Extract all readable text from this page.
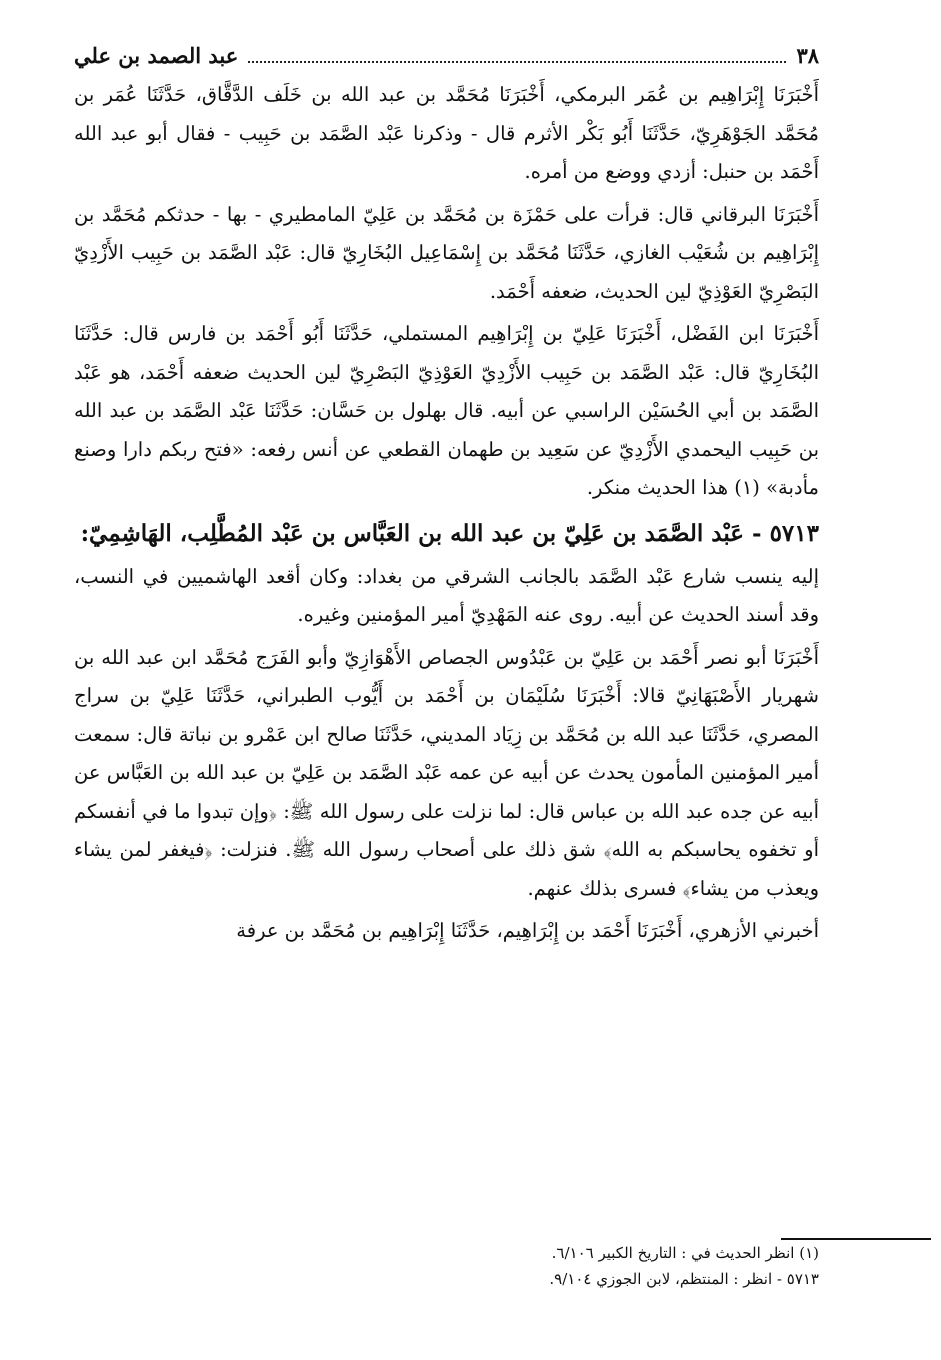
٣٨
عبد الصمد بن علي

أَخْبَرَنَا إِبْرَاهِيم بن عُمَر البرمكي، أَخْبَرَنَا مُحَمَّد بن عبد الله بن خَلَف الدَّقَّاق، حَدَّثَنَا عُمَر بن مُحَمَّد الجَوْهَرِيّ، حَدَّثَنَا أَبُو بَكْر الأثرم قال - وذكرنا عَبْد الصَّمَد بن حَبِيب - فقال أبو عبد الله أَحْمَد بن حنبل: أزدي ووضع من أمره.

أَخْبَرَنَا البرقاني قال: قرأت على حَمْزَة بن مُحَمَّد بن عَلِيّ المامطيري - بها - حدثكم مُحَمَّد بن إِبْرَاهِيم بن شُعَيْب الغازي، حَدَّثَنَا مُحَمَّد بن إِسْمَاعِيل البُخَارِيّ قال: عَبْد الصَّمَد بن حَبِيب الأَزْدِيّ البَصْرِيّ العَوْذِيّ لين الحديث، ضعفه أَحْمَد.

أَخْبَرَنَا ابن الفَضْل، أَخْبَرَنَا عَلِيّ بن إِبْرَاهِيم المستملي، حَدَّثَنَا أَبُو أَحْمَد بن فارس قال: حَدَّثَنَا البُخَارِيّ قال: عَبْد الصَّمَد بن حَبِيب الأَزْدِيّ العَوْذِيّ البَصْرِيّ لين الحديث ضعفه أَحْمَد، هو عَبْد الصَّمَد بن أبي الحُسَيْن الراسبي عن أبيه. قال بهلول بن حَسَّان: حَدَّثَنَا عَبْد الصَّمَد بن عبد الله بن حَبِيب اليحمدي الأَزْدِيّ عن سَعِيد بن طهمان القطعي عن أنس رفعه: «فتح ربكم دارا وصنع مأدبة» (١) هذا الحديث منكر.

٥٧١٣ -عَبْد الصَّمَد بن عَلِيّ بن عبد الله بن العَبَّاس بن عَبْد المُطَّلِب، الهَاشِمِيّ:

إليه ينسب شارع عَبْد الصَّمَد بالجانب الشرقي من بغداد: وكان أقعد الهاشميين في النسب، وقد أسند الحديث عن أبيه. روى عنه المَهْدِيّ أمير المؤمنين وغيره.

أَخْبَرَنَا أبو نصر أَحْمَد بن عَلِيّ بن عَبْدُوس الجصاص الأَهْوَازِيّ وأبو الفَرَج مُحَمَّد ابن عبد الله بن شهريار الأَصْبَهَانِيّ قالا: أَخْبَرَنَا سُلَيْمَان بن أَحْمَد بن أَيُّوب الطبراني، حَدَّثَنَا عَلِيّ بن سراج المصري، حَدَّثَنَا عبد الله بن مُحَمَّد بن زِيَاد المديني، حَدَّثَنَا صالح ابن عَمْرو بن نباتة قال: سمعت أمير المؤمنين المأمون يحدث عن أبيه عن عمه عَبْد الصَّمَد بن عَلِيّ بن عبد الله بن العَبَّاس عن أبيه عن جده عبد الله بن عباس قال: لما نزلت على رسول الله ﷺ: ﴿وإن تبدوا ما في أنفسكم أو تخفوه يحاسبكم به الله﴾ شق ذلك على أصحاب رسول الله ﷺ. فنزلت: ﴿فيغفر لمن يشاء ويعذب من يشاء﴾ فسرى بذلك عنهم.

أخبرني الأزهري، أَخْبَرَنَا أَحْمَد بن إِبْرَاهِيم، حَدَّثَنَا إِبْرَاهِيم بن مُحَمَّد بن عرفة

(١) انظر الحديث في : التاريخ الكبير ٦/١٠٦.

٥٧١٣ - انظر : المنتظم، لابن الجوزي ٩/١٠٤.
